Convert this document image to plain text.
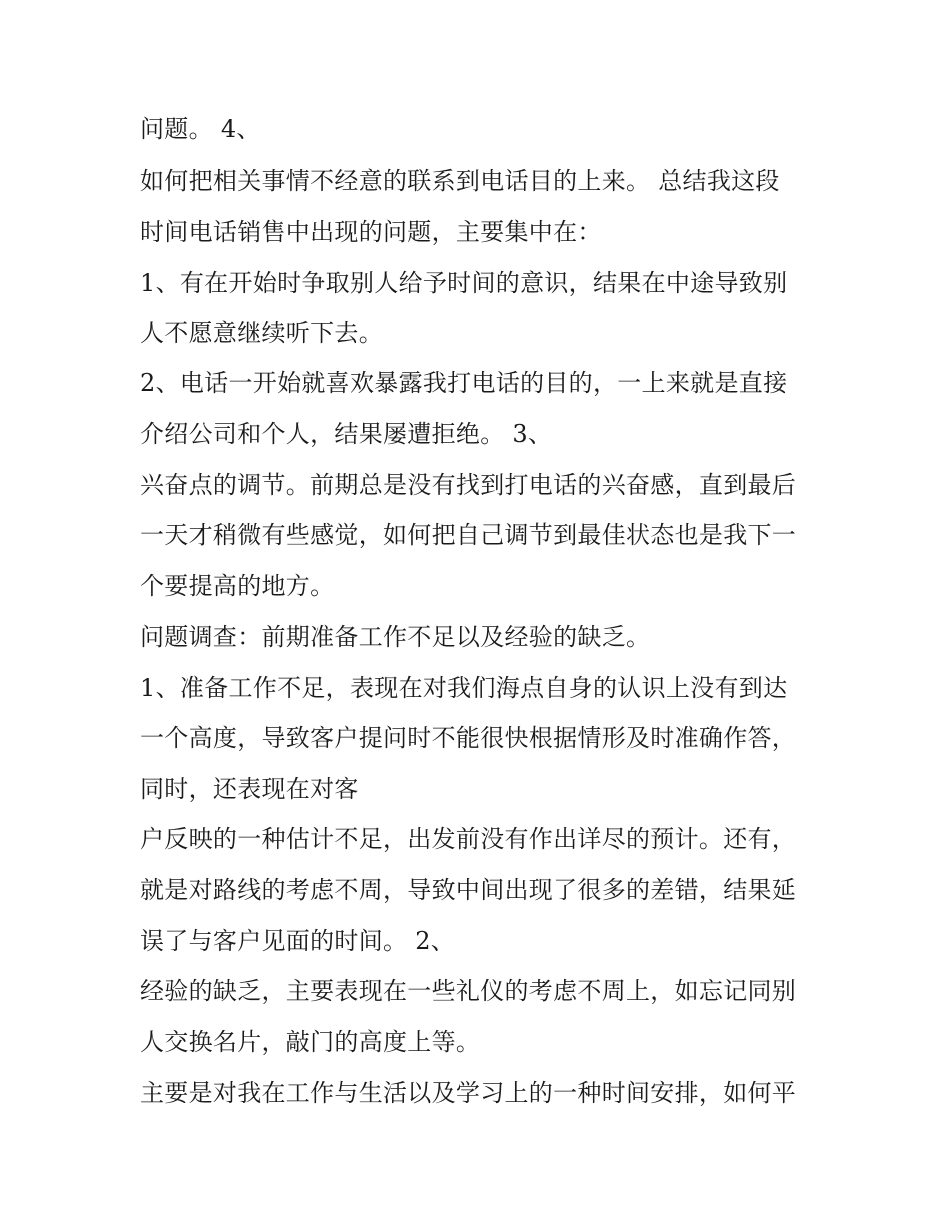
问题。 4、
如何把相关事情不经意的联系到电话目的上来。 总结我这段
时间电话销售中出现的问题，主要集中在：
1、有在开始时争取别人给予时间的意识，结果在中途导致别
人不愿意继续听下去。
2、电话一开始就喜欢暴露我打电话的目的，一上来就是直接
介绍公司和个人，结果屡遭拒绝。 3、
兴奋点的调节。前期总是没有找到打电话的兴奋感，直到最后
一天才稍微有些感觉，如何把自己调节到最佳状态也是我下一
个要提高的地方。
问题调查：前期准备工作不足以及经验的缺乏。
1、准备工作不足，表现在对我们海点自身的认识上没有到达
一个高度，导致客户提问时不能很快根据情形及时准确作答，
同时，还表现在对客
户反映的一种估计不足，出发前没有作出详尽的预计。还有，
就是对路线的考虑不周，导致中间出现了很多的差错，结果延
误了与客户见面的时间。 2、
经验的缺乏，主要表现在一些礼仪的考虑不周上，如忘记同别
人交换名片，敲门的高度上等。
主要是对我在工作与生活以及学习上的一种时间安排，如何平
